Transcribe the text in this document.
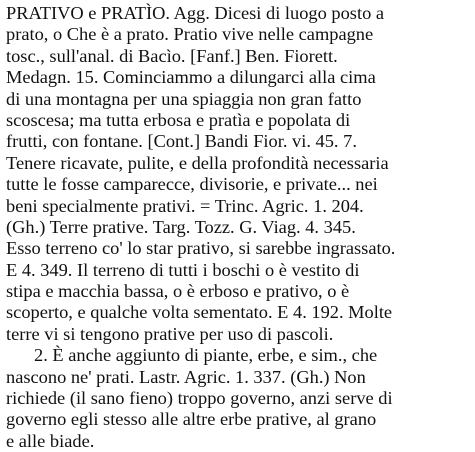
PRATIVO e PRATÌO. Agg. Dicesi di luogo posto a
prato, o Che è a prato. Pratio vive nelle campagne
tosc., sull'anal. di Bacìo. [Fanf.] Ben. Fiorett.
Medagn. 15. Cominciammo a dilungarci alla cima
di una montagna per una spiaggia non gran fatto
scoscesa; ma tutta erbosa e pratìa e popolata di
frutti, con fontane. [Cont.] Bandi Fior. vi. 45. 7.
Tenere ricavate, pulite, e della profondità necessaria
tutte le fosse camparecce, divisorie, e private... nei
beni specialmente prativi. = Trinc. Agric. 1. 204.
(Gh.) Terre prative. Targ. Tozz. G. Viag. 4. 345.
Esso terreno co' lo star prativo, si sarebbe ingrassato.
E 4. 349. Il terreno di tutti i boschi o è vestito di
stipa e macchia bassa, o è erboso e prativo, o è
scoperto, e qualche volta sementato. E 4. 192. Molte
terre vi si tengono prative per uso di pascoli.
2. È anche aggiunto di piante, erbe, e sim., che
nascono ne' prati. Lastr. Agric. 1. 337. (Gh.) Non
richiede (il sano fieno) troppo governo, anzi serve di
governo egli stesso alle altre erbe prative, al grano
e alle biade.
